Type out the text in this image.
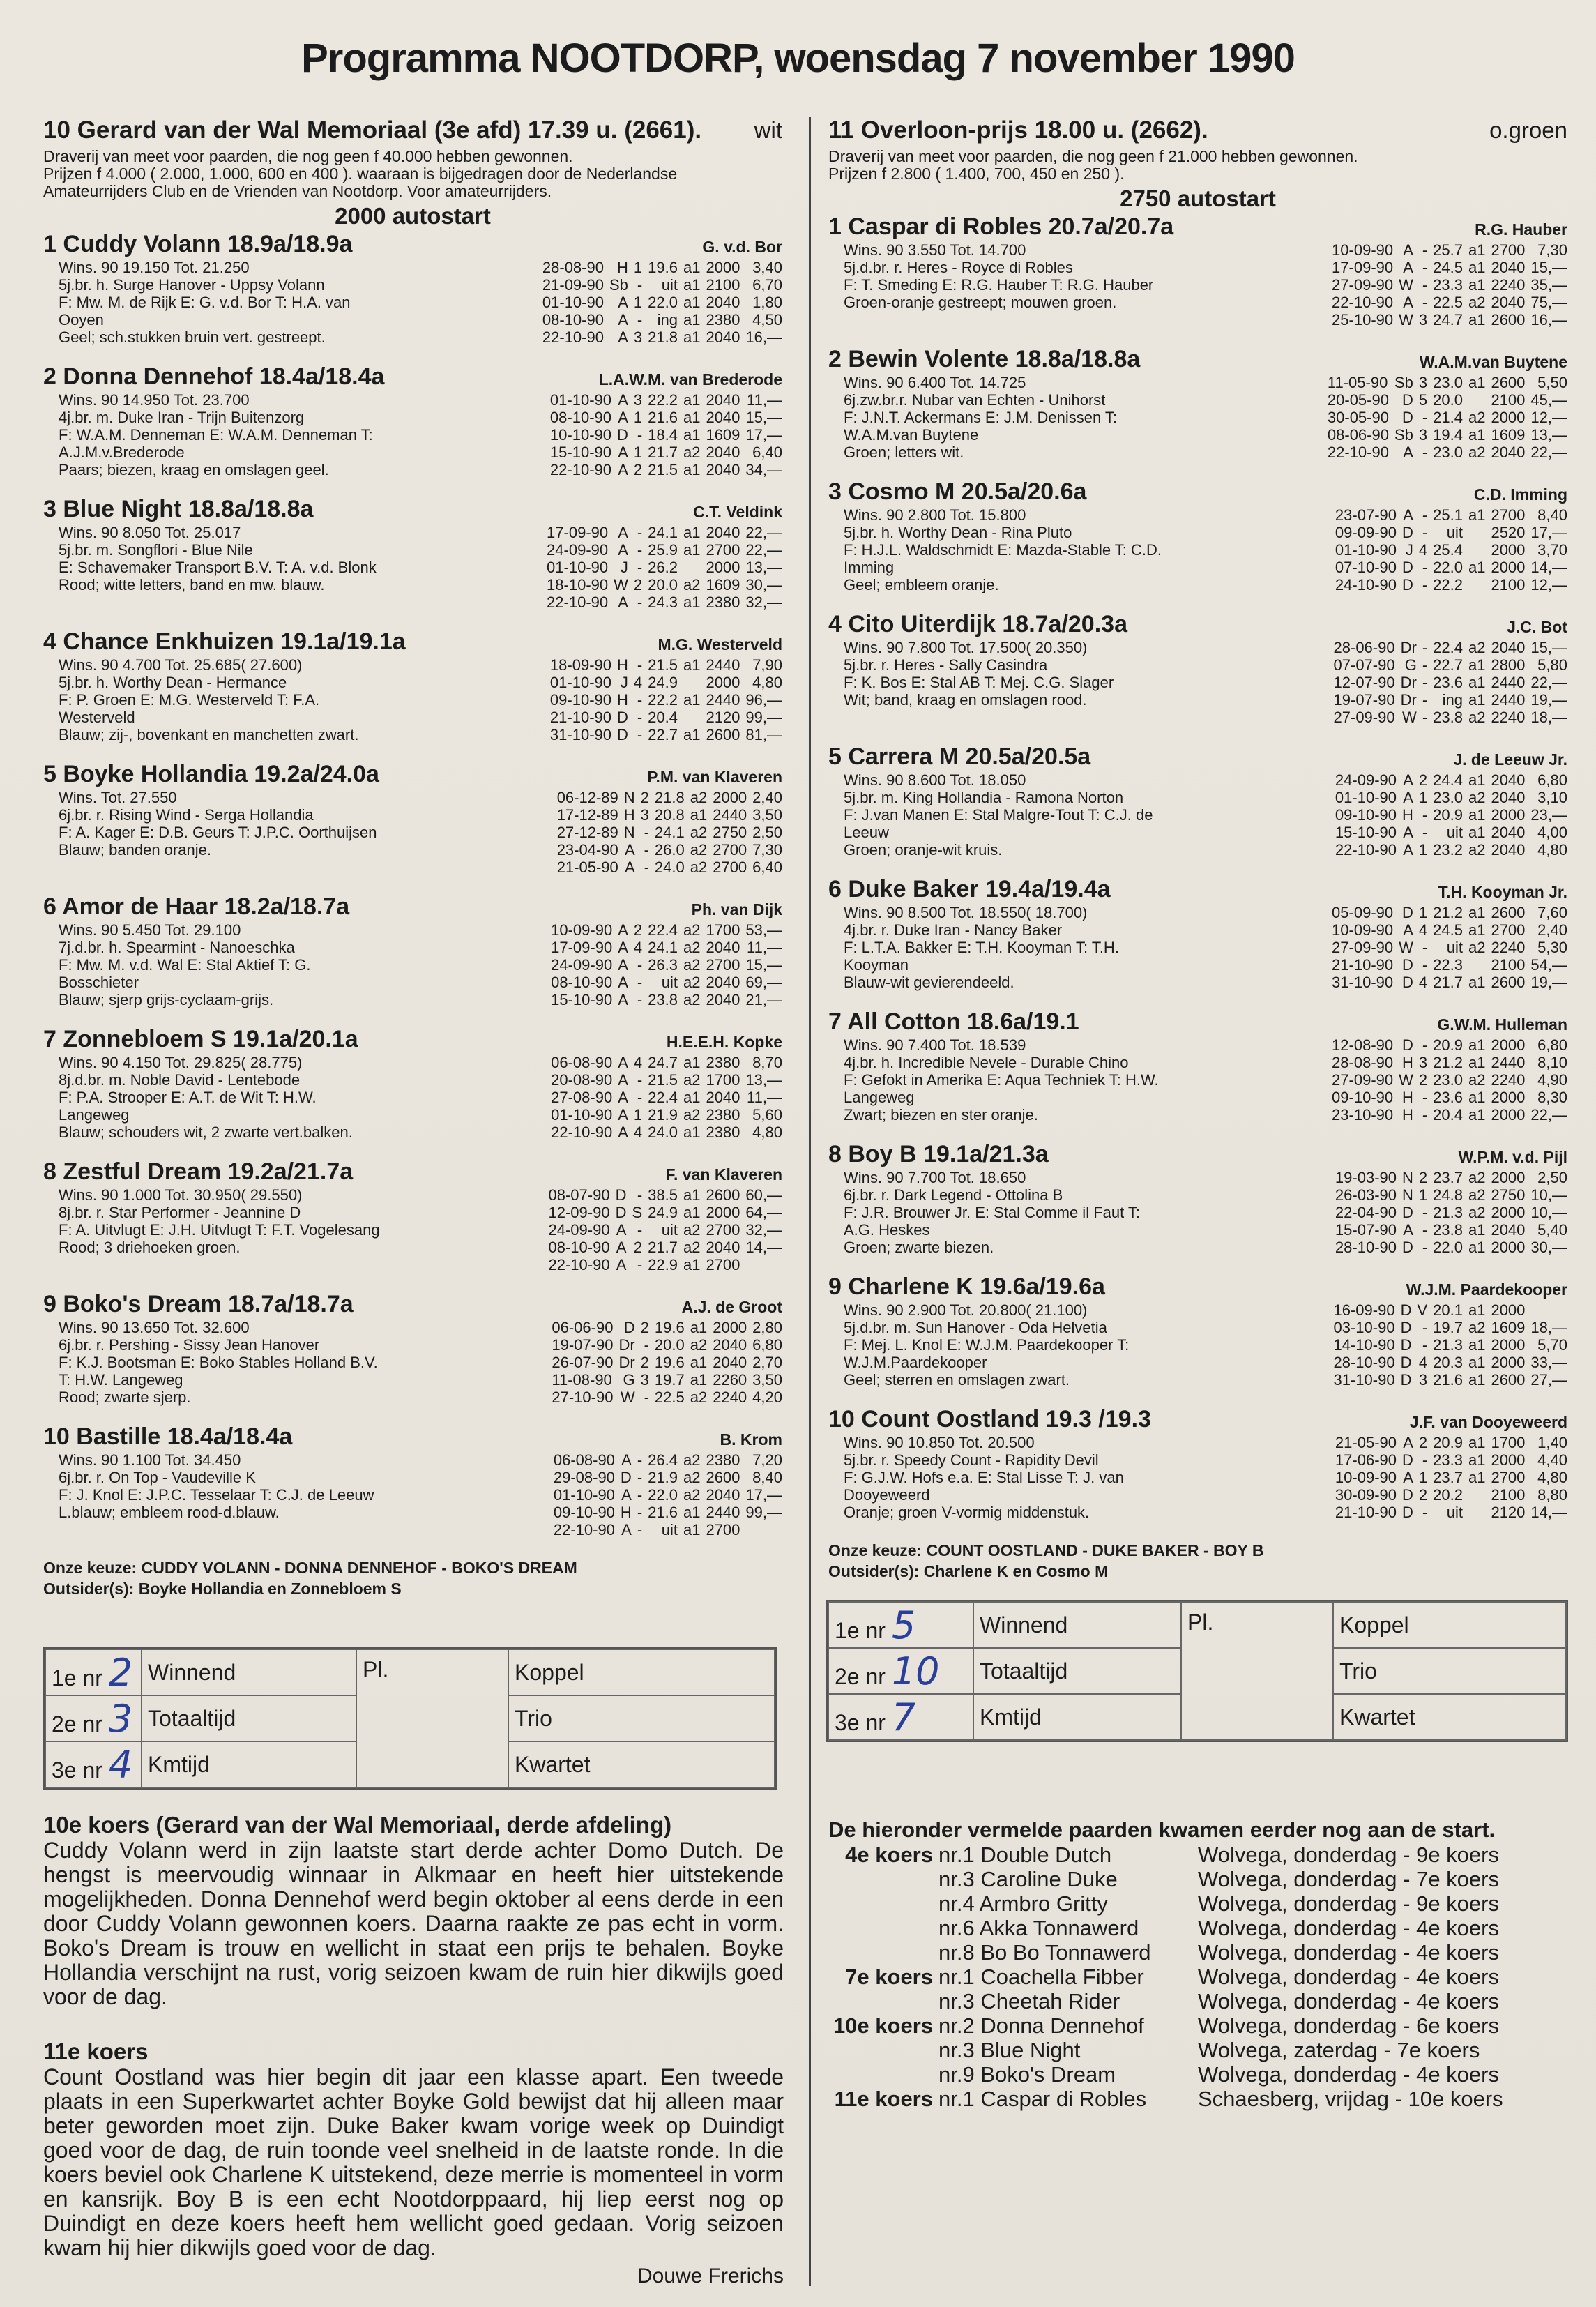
Programma NOOTDORP, woensdag 7 november 1990
10 Gerard van der Wal Memoriaal (3e afd) 17.39 u. (2661). wit
Draverij van meet voor paarden, die nog geen f 40.000 hebben gewonnen.
Prijzen f 4.000 ( 2.000, 1.000, 600 en 400 ). waaraan is bijgedragen door de Nederlandse
Amateurrijders Club en de Vrienden van Nootdorp. Voor amateurrijders.
2000 autostart
1 Cuddy Volann 18.9a/18.9a	G. v.d. Bor
Wins. 90 19.150 Tot. 21.250
5j.br. h. Surge Hanover - Uppsy Volann
F: Mw. M. de Rijk E: G. v.d. Bor T: H.A. van
Ooyen
Geel; sch.stukken bruin vert. gestreept.
28-08-90	H	1	19.6	a1	2000	3,40
21-09-90	Sb	-	uit	a1	2100	6,70
01-10-90	A	1	22.0	a1	2040	1,80
08-10-90	A	-	ing	a1	2380	4,50
22-10-90	A	3	21.8	a1	2040	16,—
2 Donna Dennehof 18.4a/18.4a	L.A.W.M. van Brederode
Wins. 90 14.950 Tot. 23.700
4j.br. m. Duke Iran - Trijn Buitenzorg
F: W.A.M. Denneman E: W.A.M. Denneman T:
A.J.M.v.Brederode
Paars; biezen, kraag en omslagen geel.
01-10-90	A	3	22.2	a1	2040	11,—
08-10-90	A	1	21.6	a1	2040	15,—
10-10-90	D	-	18.4	a1	1609	17,—
15-10-90	A	1	21.7	a2	2040	6,40
22-10-90	A	2	21.5	a1	2040	34,—
3 Blue Night 18.8a/18.8a	C.T. Veldink
Wins. 90 8.050 Tot. 25.017
5j.br. m. Songflori - Blue Nile
E: Schavemaker Transport B.V. T: A. v.d. Blonk
Rood; witte letters, band en mw. blauw.
17-09-90	A	-	24.1	a1	2040	22,—
24-09-90	A	-	25.9	a1	2700	22,—
01-10-90	J	-	26.2		2000	13,—
18-10-90	W	2	20.0	a2	1609	30,—
22-10-90	A	-	24.3	a1	2380	32,—
4 Chance Enkhuizen 19.1a/19.1a	M.G. Westerveld
Wins. 90 4.700 Tot. 25.685( 27.600)
5j.br. h. Worthy Dean - Hermance
F: P. Groen E: M.G. Westerveld T: F.A.
Westerveld
Blauw; zij-, bovenkant en manchetten zwart.
18-09-90	H	-	21.5	a1	2440	7,90
01-10-90	J	4	24.9		2000	4,80
09-10-90	H	-	22.2	a1	2440	96,—
21-10-90	D	-	20.4		2120	99,—
31-10-90	D	-	22.7	a1	2600	81,—
5 Boyke Hollandia 19.2a/24.0a	P.M. van Klaveren
Wins. Tot. 27.550
6j.br. r. Rising Wind - Serga Hollandia
F: A. Kager E: D.B. Geurs T: J.P.C. Oorthuijsen
Blauw; banden oranje.
06-12-89	N	2	21.8	a2	2000	2,40
17-12-89	H	3	20.8	a1	2440	3,50
27-12-89	N	-	24.1	a2	2750	2,50
23-04-90	A	-	26.0	a2	2700	7,30
21-05-90	A	-	24.0	a2	2700	6,40
6 Amor de Haar 18.2a/18.7a	Ph. van Dijk
Wins. 90 5.450 Tot. 29.100
7j.d.br. h. Spearmint - Nanoeschka
F: Mw. M. v.d. Wal E: Stal Aktief T: G.
Bosschieter
Blauw; sjerp grijs-cyclaam-grijs.
10-09-90	A	2	22.4	a2	1700	53,—
17-09-90	A	4	24.1	a2	2040	11,—
24-09-90	A	-	26.3	a2	2700	15,—
08-10-90	A	-	uit	a2	2040	69,—
15-10-90	A	-	23.8	a2	2040	21,—
7 Zonnebloem S 19.1a/20.1a	H.E.E.H. Kopke
Wins. 90 4.150 Tot. 29.825( 28.775)
8j.d.br. m. Noble David - Lentebode
F: P.A. Strooper E: A.T. de Wit T: H.W.
Langeweg
Blauw; schouders wit, 2 zwarte vert.balken.
06-08-90	A	4	24.7	a1	2380	8,70
20-08-90	A	-	21.5	a2	1700	13,—
27-08-90	A	-	22.4	a1	2040	11,—
01-10-90	A	1	21.9	a2	2380	5,60
22-10-90	A	4	24.0	a1	2380	4,80
8 Zestful Dream 19.2a/21.7a	F. van Klaveren
Wins. 90 1.000 Tot. 30.950( 29.550)
8j.br. r. Star Performer - Jeannine D
F: A. Uitvlugt E: J.H. Uitvlugt T: F.T. Vogelesang
Rood; 3 driehoeken groen.
08-07-90	D	-	38.5	a1	2600	60,—
12-09-90	D	S	24.9	a1	2000	64,—
24-09-90	A	-	uit	a2	2700	32,—
08-10-90	A	2	21.7	a2	2040	14,—
22-10-90	A	-	22.9	a1	2700	
9 Boko's Dream 18.7a/18.7a	A.J. de Groot
Wins. 90 13.650 Tot. 32.600
6j.br. r. Pershing - Sissy Jean Hanover
F: K.J. Bootsman E: Boko Stables Holland B.V.
T: H.W. Langeweg
Rood; zwarte sjerp.
06-06-90	D	2	19.6	a1	2000	2,80
19-07-90	Dr	-	20.0	a2	2040	6,80
26-07-90	Dr	2	19.6	a1	2040	2,70
11-08-90	G	3	19.7	a1	2260	3,50
27-10-90	W	-	22.5	a2	2240	4,20
10 Bastille 18.4a/18.4a	B. Krom
Wins. 90 1.100 Tot. 34.450
6j.br. r. On Top - Vaudeville K
F: J. Knol E: J.P.C. Tesselaar T: C.J. de Leeuw
L.blauw; embleem rood-d.blauw.
06-08-90	A	-	26.4	a2	2380	7,20
29-08-90	D	-	21.9	a2	2600	8,40
01-10-90	A	-	22.0	a2	2040	17,—
09-10-90	H	-	21.6	a1	2440	99,—
22-10-90	A	-	uit	a1	2700	
Onze keuze: CUDDY VOLANN - DONNA DENNEHOF - BOKO'S DREAM
Outsider(s): Boyke Hollandia en Zonnebloem S
11 Overloon-prijs 18.00 u. (2662).	o.groen
Draverij van meet voor paarden, die nog geen f 21.000 hebben gewonnen.
Prijzen f 2.800 ( 1.400, 700, 450 en 250 ).
2750 autostart
1 Caspar di Robles 20.7a/20.7a	R.G. Hauber
Wins. 90 3.550 Tot. 14.700
5j.d.br. r. Heres - Royce di Robles
F: T. Smeding E: R.G. Hauber T: R.G. Hauber
Groen-oranje gestreept; mouwen groen.
10-09-90	A	-	25.7	a1	2700	7,30
17-09-90	A	-	24.5	a1	2040	15,—
27-09-90	W	-	23.3	a1	2240	35,—
22-10-90	A	-	22.5	a2	2040	75,—
25-10-90	W	3	24.7	a1	2600	16,—
2 Bewin Volente 18.8a/18.8a	W.A.M.van Buytene
Wins. 90 6.400 Tot. 14.725
6j.zw.br.r. Nubar van Echten - Unihorst
F: J.N.T. Ackermans E: J.M. Denissen T:
W.A.M.van Buytene
Groen; letters wit.
11-05-90	Sb	3	23.0	a1	2600	5,50
20-05-90	D	5	20.0		2100	45,—
30-05-90	D	-	21.4	a2	2000	12,—
08-06-90	Sb	3	19.4	a1	1609	13,—
22-10-90	A	-	23.0	a2	2040	22,—
3 Cosmo M 20.5a/20.6a	C.D. Imming
Wins. 90 2.800 Tot. 15.800
5j.br. h. Worthy Dean - Rina Pluto
F: H.J.L. Waldschmidt E: Mazda-Stable T: C.D.
Imming
Geel; embleem oranje.
23-07-90	A	-	25.1	a1	2700	8,40
09-09-90	D	-	uit		2520	17,—
01-10-90	J	4	25.4		2000	3,70
07-10-90	D	-	22.0	a1	2000	14,—
24-10-90	D	-	22.2		2100	12,—
4 Cito Uiterdijk 18.7a/20.3a	J.C. Bot
Wins. 90 7.800 Tot. 17.500( 20.350)
5j.br. r. Heres - Sally Casindra
F: K. Bos E: Stal AB T: Mej. C.G. Slager
Wit; band, kraag en omslagen rood.
28-06-90	Dr	-	22.4	a2	2040	15,—
07-07-90	G	-	22.7	a1	2800	5,80
12-07-90	Dr	-	23.6	a1	2440	22,—
19-07-90	Dr	-	ing	a1	2440	19,—
27-09-90	W	-	23.8	a2	2240	18,—
5 Carrera M 20.5a/20.5a	J. de Leeuw Jr.
Wins. 90 8.600 Tot. 18.050
5j.br. m. King Hollandia - Ramona Norton
F: J.van Manen E: Stal Malgre-Tout T: C.J. de
Leeuw
Groen; oranje-wit kruis.
24-09-90	A	2	24.4	a1	2040	6,80
01-10-90	A	1	23.0	a2	2040	3,10
09-10-90	H	-	20.9	a1	2000	23,—
15-10-90	A	-	uit	a1	2040	4,00
22-10-90	A	1	23.2	a2	2040	4,80
6 Duke Baker 19.4a/19.4a	T.H. Kooyman Jr.
Wins. 90 8.500 Tot. 18.550( 18.700)
4j.br. r. Duke Iran - Nancy Baker
F: L.T.A. Bakker E: T.H. Kooyman T: T.H.
Kooyman
Blauw-wit gevierendeeld.
05-09-90	D	1	21.2	a1	2600	7,60
10-09-90	A	4	24.5	a1	2700	2,40
27-09-90	W	-	uit	a2	2240	5,30
21-10-90	D	-	22.3		2100	54,—
31-10-90	D	4	21.7	a1	2600	19,—
7 All Cotton 18.6a/19.1	G.W.M. Hulleman
Wins. 90 7.400 Tot. 18.539
4j.br. h. Incredible Nevele - Durable Chino
F: Gefokt in Amerika E: Aqua Techniek T: H.W.
Langeweg
Zwart; biezen en ster oranje.
12-08-90	D	-	20.9	a1	2000	6,80
28-08-90	H	3	21.2	a1	2440	8,10
27-09-90	W	2	23.0	a2	2240	4,90
09-10-90	H	-	23.6	a1	2000	8,30
23-10-90	H	-	20.4	a1	2000	22,—
8 Boy B 19.1a/21.3a	W.P.M. v.d. Pijl
Wins. 90 7.700 Tot. 18.650
6j.br. r. Dark Legend - Ottolina B
F: J.R. Brouwer Jr. E: Stal Comme il Faut T:
A.G. Heskes
Groen; zwarte biezen.
19-03-90	N	2	23.7	a2	2000	2,50
26-03-90	N	1	24.8	a2	2750	10,—
22-04-90	D	-	21.3	a2	2000	10,—
15-07-90	A	-	23.8	a1	2040	5,40
28-10-90	D	-	22.0	a1	2000	30,—
9 Charlene K 19.6a/19.6a	W.J.M. Paardekooper
Wins. 90 2.900 Tot. 20.800( 21.100)
5j.d.br. m. Sun Hanover - Oda Helvetia
F: Mej. L. Knol E: W.J.M. Paardekooper T:
W.J.M.Paardekooper
Geel; sterren en omslagen zwart.
16-09-90	D	V	20.1	a1	2000	
03-10-90	D	-	19.7	a2	1609	18,—
14-10-90	D	-	21.3	a1	2000	5,70
28-10-90	D	4	20.3	a1	2000	33,—
31-10-90	D	3	21.6	a1	2600	27,—
10 Count Oostland 19.3 /19.3	J.F. van Dooyeweerd
Wins. 90 10.850 Tot. 20.500
5j.br. r. Speedy Count - Rapidity Devil
F: G.J.W. Hofs e.a. E: Stal Lisse T: J. van
Dooyeweerd
Oranje; groen V-vormig middenstuk.
21-05-90	A	2	20.9	a1	1700	1,40
17-06-90	D	-	23.3	a1	2000	4,40
10-09-90	A	1	23.7	a1	2700	4,80
30-09-90	D	2	20.2		2100	8,80
21-10-90	D	-	uit		2120	14,—
Onze keuze: COUNT OOSTLAND - DUKE BAKER - BOY B
Outsider(s): Charlene K en Cosmo M
1e nr 2	Winnend	Pl.	Koppel
2e nr 3	Totaaltijd		Trio
3e nr 4	Kmtijd		Kwartet
1e nr 5	Winnend	Pl.	Koppel
2e nr 10	Totaaltijd		Trio
3e nr 7	Kmtijd		Kwartet
10e koers (Gerard van der Wal Memoriaal, derde afdeling)
Cuddy Volann werd in zijn laatste start derde achter Domo Dutch. De hengst is meervoudig winnaar in Alkmaar en heeft hier uitstekende mogelijkheden. Donna Dennehof werd begin oktober al eens derde in een door Cuddy Volann gewonnen koers. Daarna raakte ze pas echt in vorm. Boko's Dream is trouw en wellicht in staat een prijs te behalen. Boyke Hollandia verschijnt na rust, vorig seizoen kwam de ruin hier dikwijls goed voor de dag.
11e koers
Count Oostland was hier begin dit jaar een klasse apart. Een tweede plaats in een Superkwartet achter Boyke Gold bewijst dat hij alleen maar beter geworden moet zijn. Duke Baker kwam vorige week op Duindigt goed voor de dag, de ruin toonde veel snelheid in de laatste ronde. In die koers beviel ook Charlene K uitstekend, deze merrie is momenteel in vorm en kansrijk. Boy B is een echt Nootdorppaard, hij liep eerst nog op Duindigt en deze koers heeft hem wellicht goed gedaan. Vorig seizoen kwam hij hier dikwijls goed voor de dag.
Douwe Frerichs
De hieronder vermelde paarden kwamen eerder nog aan de start.
4e koers nr.1 Double Dutch	Wolvega, donderdag - 9e koers
nr.3 Caroline Duke	Wolvega, donderdag - 7e koers
nr.4 Armbro Gritty	Wolvega, donderdag - 9e koers
nr.6 Akka Tonnawerd	Wolvega, donderdag - 4e koers
nr.8 Bo Bo Tonnawerd	Wolvega, donderdag - 4e koers
7e koers nr.1 Coachella Fibber	Wolvega, donderdag - 4e koers
nr.3 Cheetah Rider	Wolvega, donderdag - 4e koers
10e koers nr.2 Donna Dennehof	Wolvega, donderdag - 6e koers
nr.3 Blue Night	Wolvega, zaterdag - 7e koers
nr.9 Boko's Dream	Wolvega, donderdag - 4e koers
11e koers nr.1 Caspar di Robles	Schaesberg, vrijdag - 10e koers
